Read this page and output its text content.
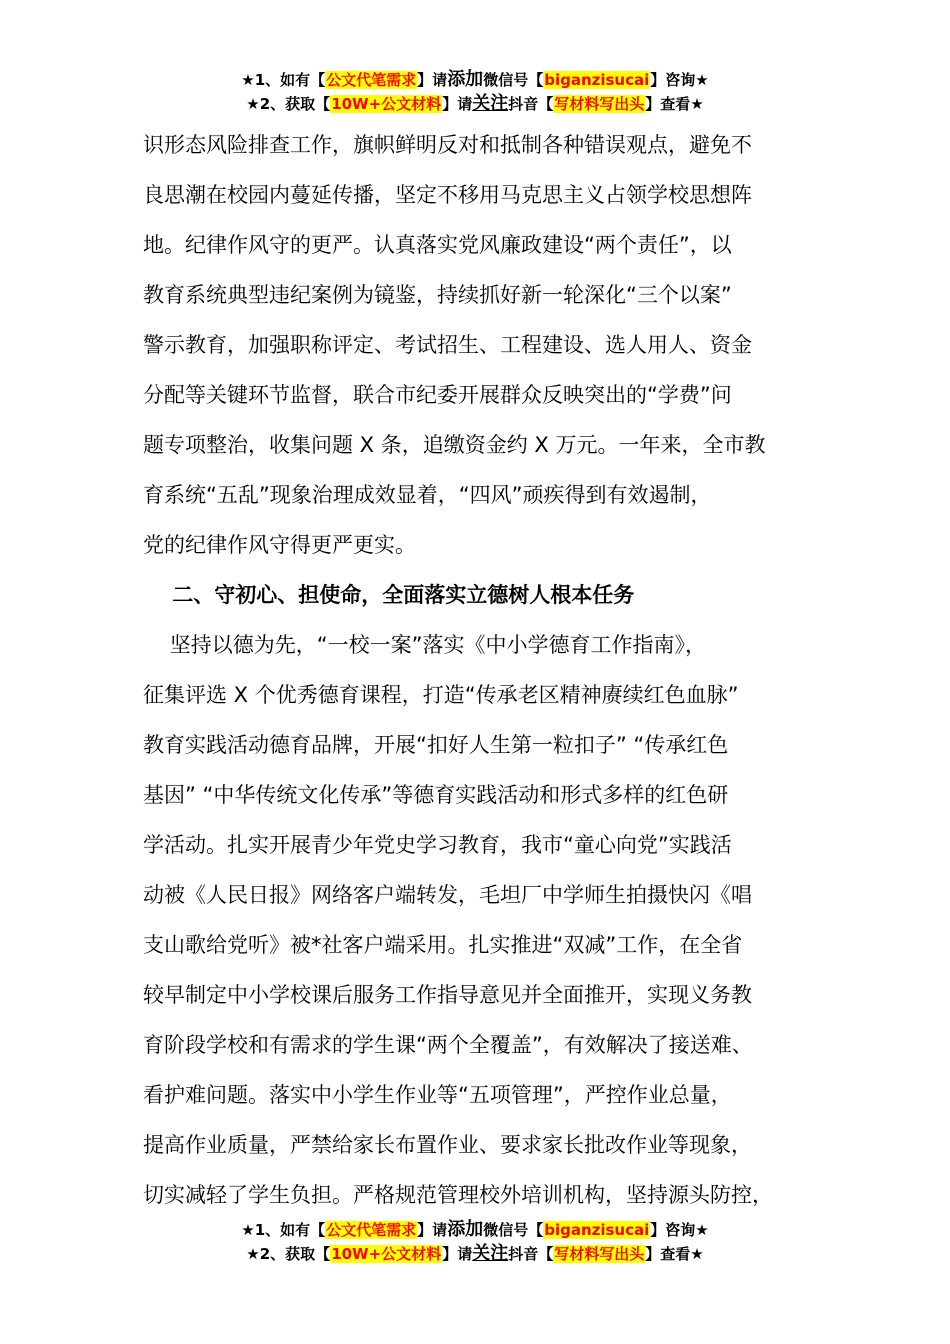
★1、如有【公文代笔需求】请添加微信号【biganzisucai】咨询★
★2、获取【10W+公文材料】请关注抖音【写材料写出头】查看★
识形态风险排查工作，旗帜鲜明反对和抵制各种错误观点，避免不
良思潮在校园内蔓延传播，坚定不移用马克思主义占领学校思想阵
地。纪律作风守的更严。认真落实党风廉政建设“两个责任”，以
教育系统典型违纪案例为镜鉴，持续抓好新一轮深化“三个以案”
警示教育，加强职称评定、考试招生、工程建设、选人用人、资金
分配等关键环节监督，联合市纪委开展群众反映突出的“学费”问
题专项整治，收集问题 X 条，追缴资金约 X 万元。一年来，全市教
育系统“五乱”现象治理成效显着，“四风”顽疾得到有效遏制，
党的纪律作风守得更严更实。
二、守初心、担使命，全面落实立德树人根本任务
坚持以德为先，“一校一案”落实《中小学德育工作指南》，
征集评选 X 个优秀德育课程，打造“传承老区精神赓续红色血脉”
教育实践活动德育品牌，开展“扣好人生第一粒扣子” “传承红色
基因” “中华传统文化传承”等德育实践活动和形式多样的红色研
学活动。扎实开展青少年党史学习教育，我市“童心向党”实践活
动被《人民日报》网络客户端转发，毛坦厂中学师生拍摄快闪《唱
支山歌给党听》被*社客户端采用。扎实推进“双减”工作，在全省
较早制定中小学校课后服务工作指导意见并全面推开，实现义务教
育阶段学校和有需求的学生课“两个全覆盖”，有效解决了接送难、
看护难问题。落实中小学生作业等“五项管理”，严控作业总量，
提高作业质量，严禁给家长布置作业、要求家长批改作业等现象，
切实减轻了学生负担。严格规范管理校外培训机构，坚持源头防控，
★1、如有【公文代笔需求】请添加微信号【biganzisucai】咨询★
★2、获取【10W+公文材料】请关注抖音【写材料写出头】查看★
